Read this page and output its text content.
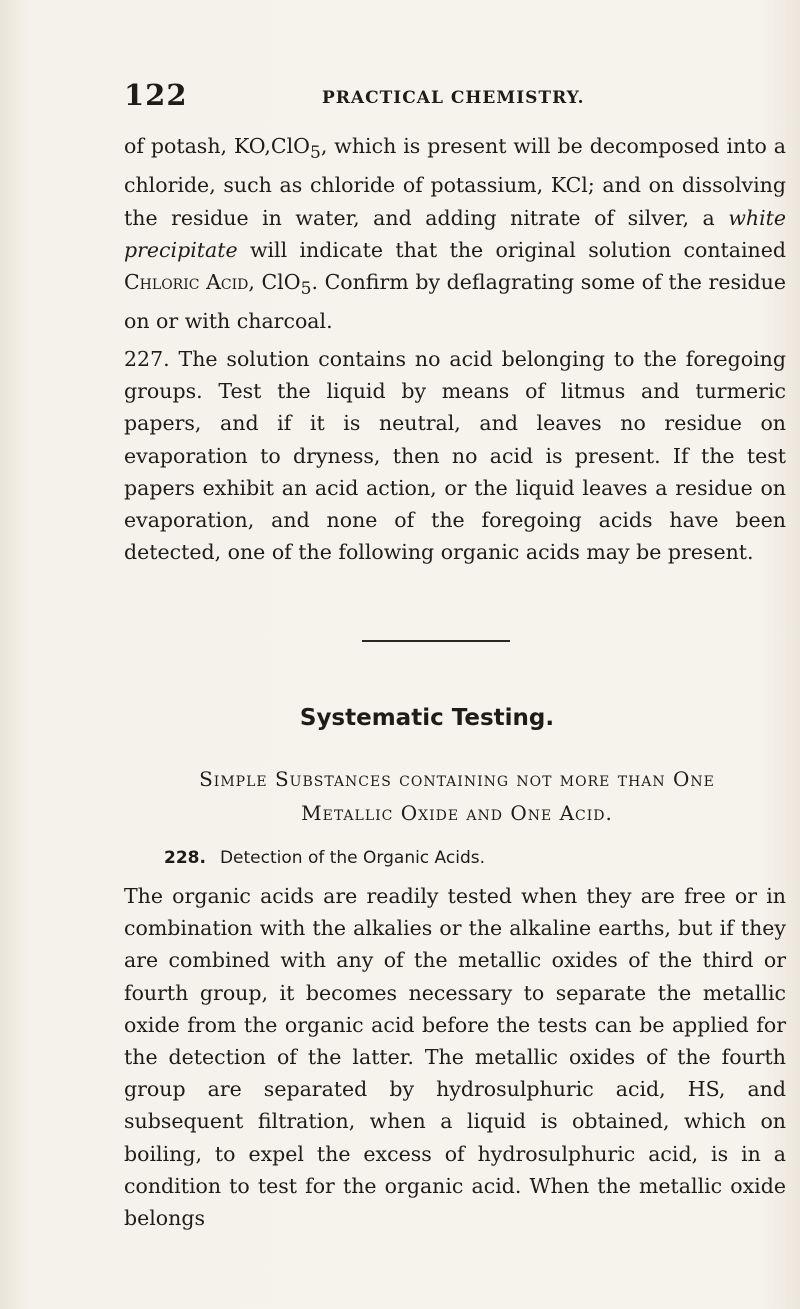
122	PRACTICAL CHEMISTRY.

of potash, KO,ClO$_5$, which is present will be decomposed into a chloride, such as chloride of potassium, KCl; and on dissolving the residue in water, and adding nitrate of silver, a white precipitate will indicate that the original solution contained Chloric Acid, ClO$_5$. Confirm by deflagrating some of the residue on or with charcoal.

227. The solution contains no acid belonging to the foregoing groups. Test the liquid by means of litmus and turmeric papers, and if it is neutral, and leaves no residue on evaporation to dryness, then no acid is present. If the test papers exhibit an acid action, or the liquid leaves a residue on evaporation, and none of the foregoing acids have been detected, one of the following organic acids may be present.

Systematic Testing.
Simple Substances containing not more than One
Metallic Oxide and One Acid.
228. Detection of the Organic Acids.

The organic acids are readily tested when they are free or in combination with the alkalies or the alkaline earths, but if they are combined with any of the metallic oxides of the third or fourth group, it becomes necessary to separate the metallic oxide from the organic acid before the tests can be applied for the detection of the latter. The metallic oxides of the fourth group are separated by hydrosulphuric acid, HS, and subsequent filtration, when a liquid is obtained, which on boiling, to expel the excess of hydrosulphuric acid, is in a condition to test for the organic acid. When the metallic oxide belongs
